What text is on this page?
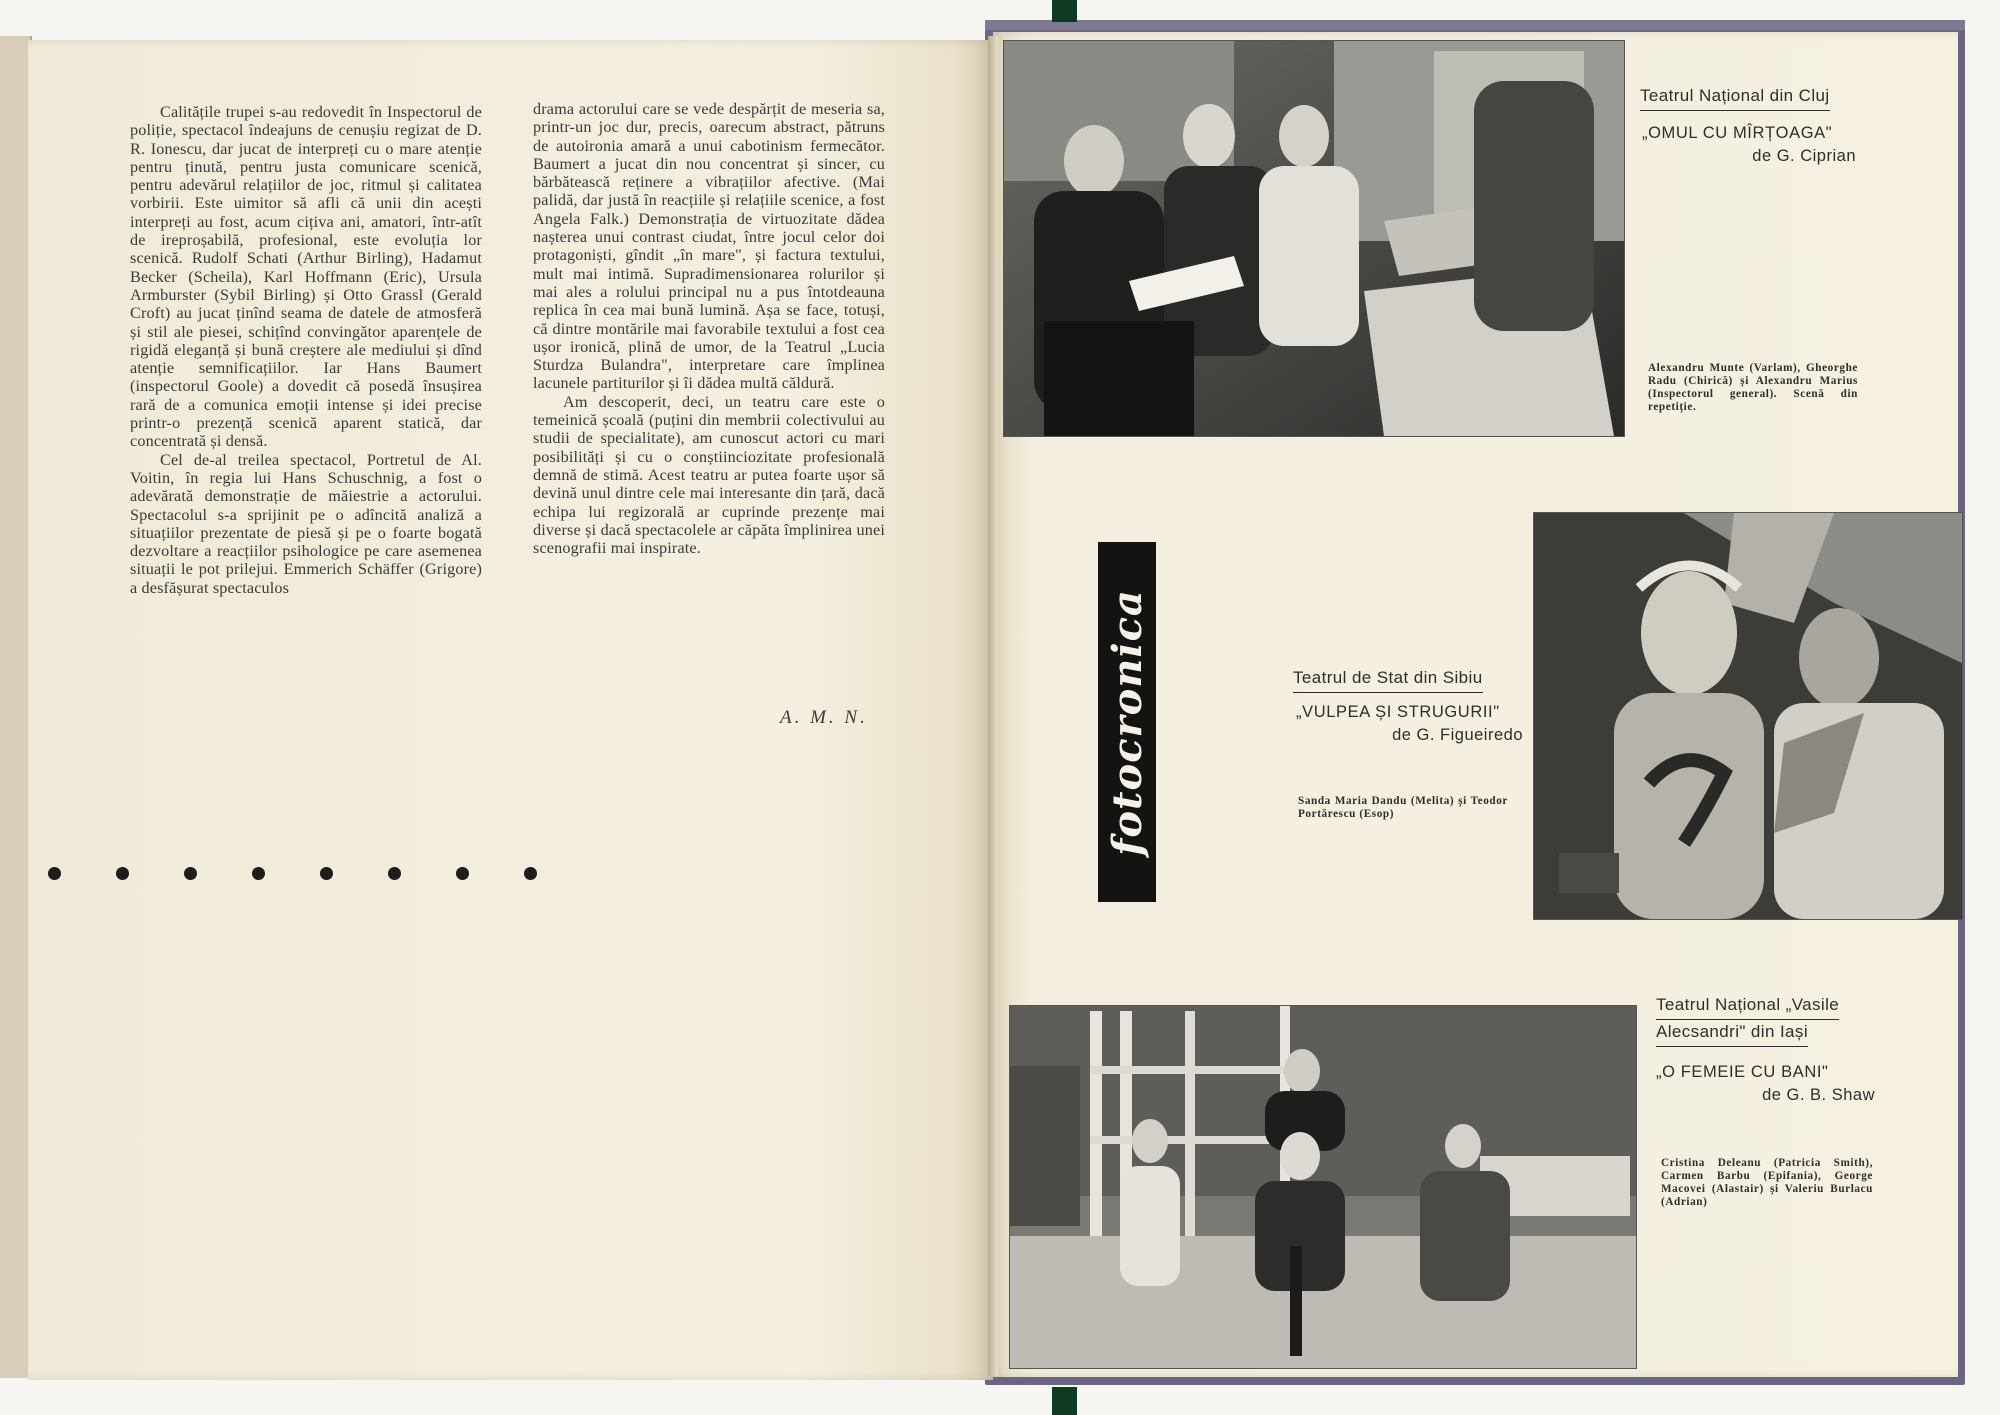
Calitățile trupei s-au redovedit în Inspectorul de poliție, spectacol îndeajuns de cenușiu regizat de D. R. Ionescu, dar jucat de interpreți cu o mare atenție pentru ținută, pentru justa comunicare scenică, pentru adevărul relațiilor de joc, ritmul și calitatea vorbirii. Este uimitor să afli că unii din acești interpreți au fost, acum cițiva ani, amatori, într-atît de ireproșabilă, profesional, este evoluția lor scenică. Rudolf Schati (Arthur Birling), Hadamut Becker (Scheila), Karl Hoffmann (Eric), Ursula Armburster (Sybil Birling) și Otto Grassl (Gerald Croft) au jucat ținînd seama de datele de atmosferă și stil ale piesei, schițînd convingător aparențele de rigidă eleganță și bună creștere ale mediului și dînd atenție semnificațiilor. Iar Hans Baumert (inspectorul Goole) a dovedit că posedă însușirea rară de a comunica emoții intense și idei precise printr-o prezență scenică aparent statică, dar concentrată și densă.

Cel de-al treilea spectacol, Portretul de Al. Voitin, în regia lui Hans Schuschnig, a fost o adevărată demonstrație de măiestrie a actorului. Spectacolul s-a sprijinit pe o adîncită analiză a situațiilor prezentate de piesă și pe o foarte bogată dezvoltare a reacțiilor psihologice pe care asemenea situații le pot prilejui. Emmerich Schäffer (Grigore) a desfășurat spectaculos

drama actorului care se vede despărțit de meseria sa, printr-un joc dur, precis, oarecum abstract, pătruns de autoironia amară a unui cabotinism fermecător. Baumert a jucat din nou concentrat și sincer, cu bărbătească reținere a vibrațiilor afective. (Mai palidă, dar justă în reacțiile și relațiile scenice, a fost Angela Falk.) Demonstrația de virtuozitate dădea nașterea unui contrast ciudat, între jocul celor doi protagoniști, gîndit „în mare", și factura textului, mult mai intimă. Supradimensionarea rolurilor și mai ales a rolului principal nu a pus întotdeauna replica în cea mai bună lumină. Așa se face, totuși, că dintre montările mai favorabile textului a fost cea ușor ironică, plină de umor, de la Teatrul „Lucia Sturdza Bulandra", interpretare care împlinea lacunele partiturilor și îi dădea multă căldură.

Am descoperit, deci, un teatru care este o temeinică școală (puțini din membrii colectivului au studii de specialitate), am cunoscut actori cu mari posibilități și cu o conștiinciozitate profesională demnă de stimă. Acest teatru ar putea foarte ușor să devină unul dintre cele mai interesante din țară, dacă echipa lui regizorală ar cuprinde prezențe mai diverse și dacă spectacolele ar căpăta împlinirea unei scenografii mai inspirate.

A. M. N.	fotocronica
Teatrul Național din Cluj
„OMUL CU MÎRȚOAGA"
de G. Ciprian
Alexandru Munte (Varlam), Gheorghe Radu (Chirică) și Alexandru Marius (Inspectorul general). Scenă din repetiție.
Teatrul de Stat din Sibiu
„VULPEA ȘI STRUGURII"
de G. Figueiredo
Sanda Maria Dandu (Melita) și Teodor Portărescu (Esop)
Teatrul Național „Vasile
Alecsandri" din Iași
„O FEMEIE CU BANI"
de G. B. Shaw
Cristina Deleanu (Patricia Smith), Carmen Barbu (Epifania), George Macovei (Alastair) și Valeriu Burlacu (Adrian)
